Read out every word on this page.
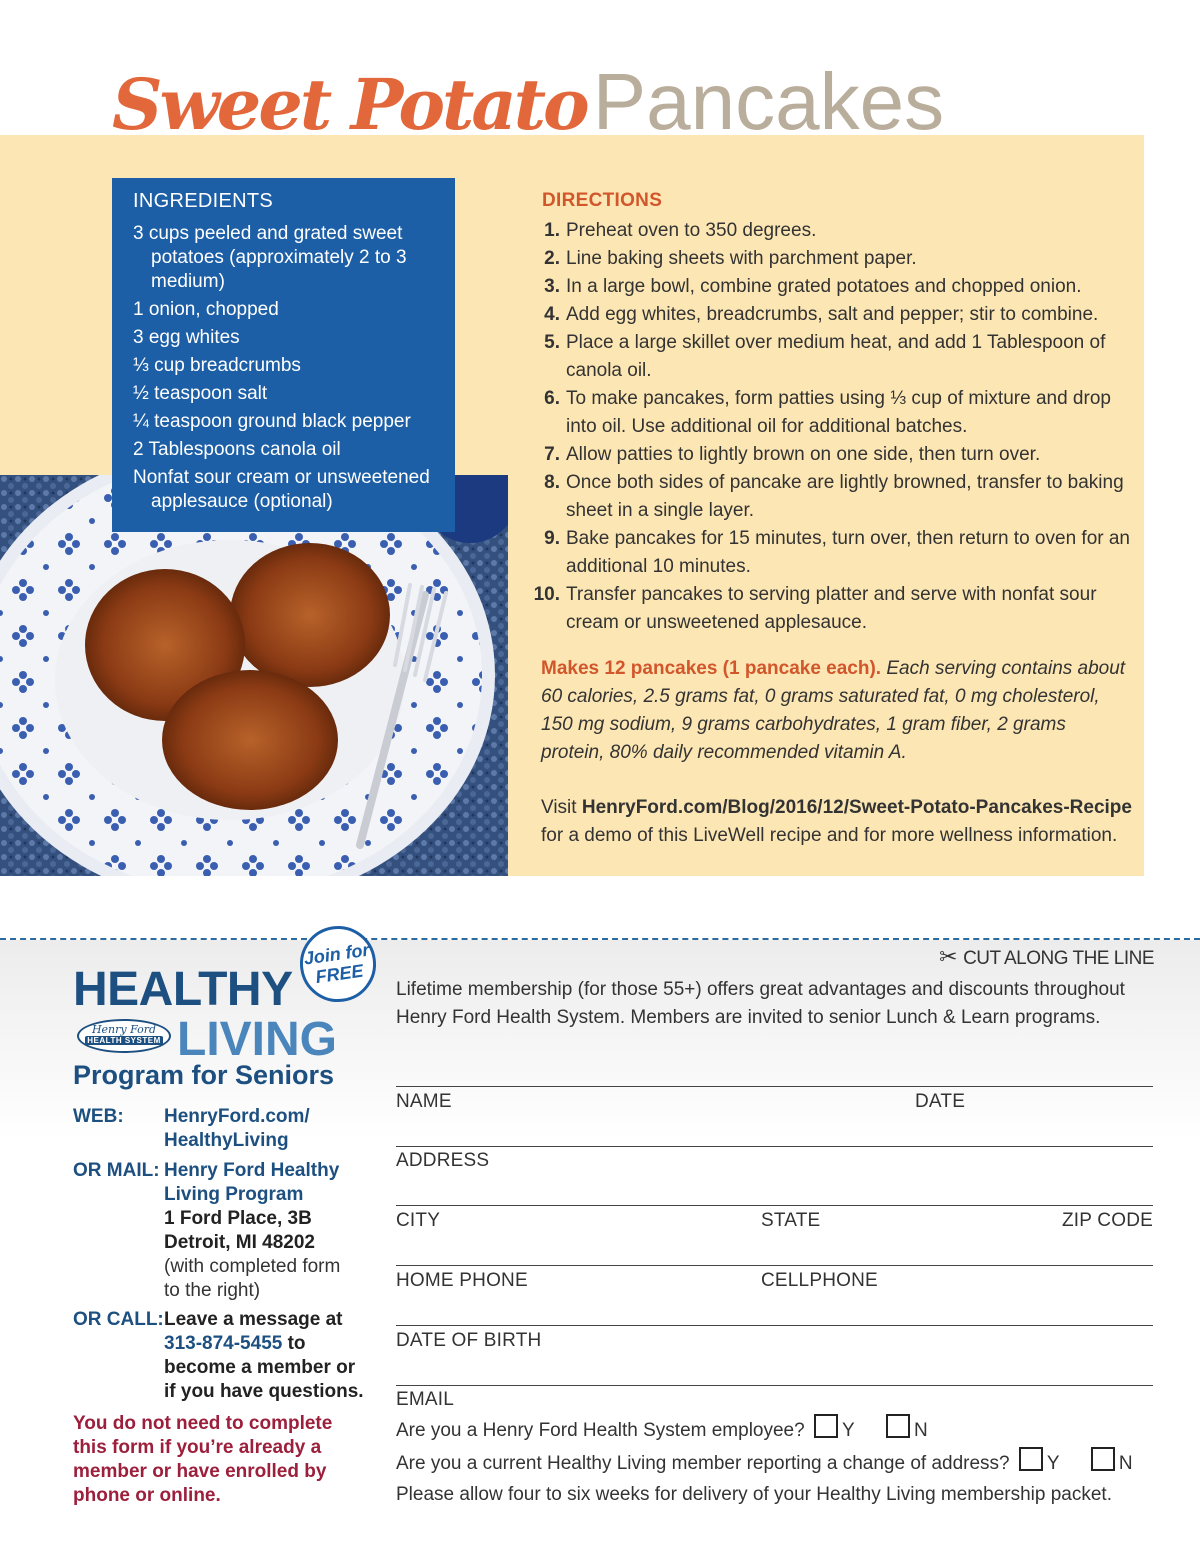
Sweet PotatoPancakes
INGREDIENTS
3 cups peeled and grated sweet potatoes (approximately 2 to 3 medium)
1 onion, chopped
3 egg whites
⅓ cup breadcrumbs
½ teaspoon salt
¼ teaspoon ground black pepper
2 Tablespoons canola oil
Nonfat sour cream or unsweetened applesauce (optional)
DIRECTIONS
1. Preheat oven to 350 degrees.
2. Line baking sheets with parchment paper.
3. In a large bowl, combine grated potatoes and chopped onion.
4. Add egg whites, breadcrumbs, salt and pepper; stir to combine.
5. Place a large skillet over medium heat, and add 1 Tablespoon of canola oil.
6. To make pancakes, form patties using ⅓ cup of mixture and drop into oil. Use additional oil for additional batches.
7. Allow patties to lightly brown on one side, then turn over.
8. Once both sides of pancake are lightly browned, transfer to baking sheet in a single layer.
9. Bake pancakes for 15 minutes, turn over, then return to oven for an additional 10 minutes.
10. Transfer pancakes to serving platter and serve with nonfat sour cream or unsweetened applesauce.
Makes 12 pancakes (1 pancake each). Each serving contains about 60 calories, 2.5 grams fat, 0 grams saturated fat, 0 mg cholesterol, 150 mg sodium, 9 grams carbohydrates, 1 gram fiber, 2 grams protein, 80% daily recommended vitamin A.
Visit HenryFord.com/Blog/2016/12/Sweet-Potato-Pancakes-Recipe for a demo of this LiveWell recipe and for more wellness information.
✂ CUT ALONG THE LINE
Join for
FREE
HEALTHY
Henry Ford
HEALTH SYSTEM LIVING
Program for Seniors
WEB: HenryFord.com/
HealthyLiving
OR MAIL: Henry Ford Healthy
Living Program
1 Ford Place, 3B
Detroit, MI 48202
(with completed form
to the right)
OR CALL: Leave a message at
313-874-5455 to
become a member or
if you have questions.
You do not need to complete this form if you’re already a member or have enrolled by phone or online.
Lifetime membership (for those 55+) offers great advantages and discounts throughout Henry Ford Health System. Members are invited to senior Lunch & Learn programs.
NAME	DATE
ADDRESS
CITY	STATE	ZIP CODE
HOME PHONE	CELLPHONE
DATE OF BIRTH
EMAIL
Are you a Henry Ford Health System employee? Y	N
Are you a current Healthy Living member reporting a change of address? Y	N
Please allow four to six weeks for delivery of your Healthy Living membership packet.
